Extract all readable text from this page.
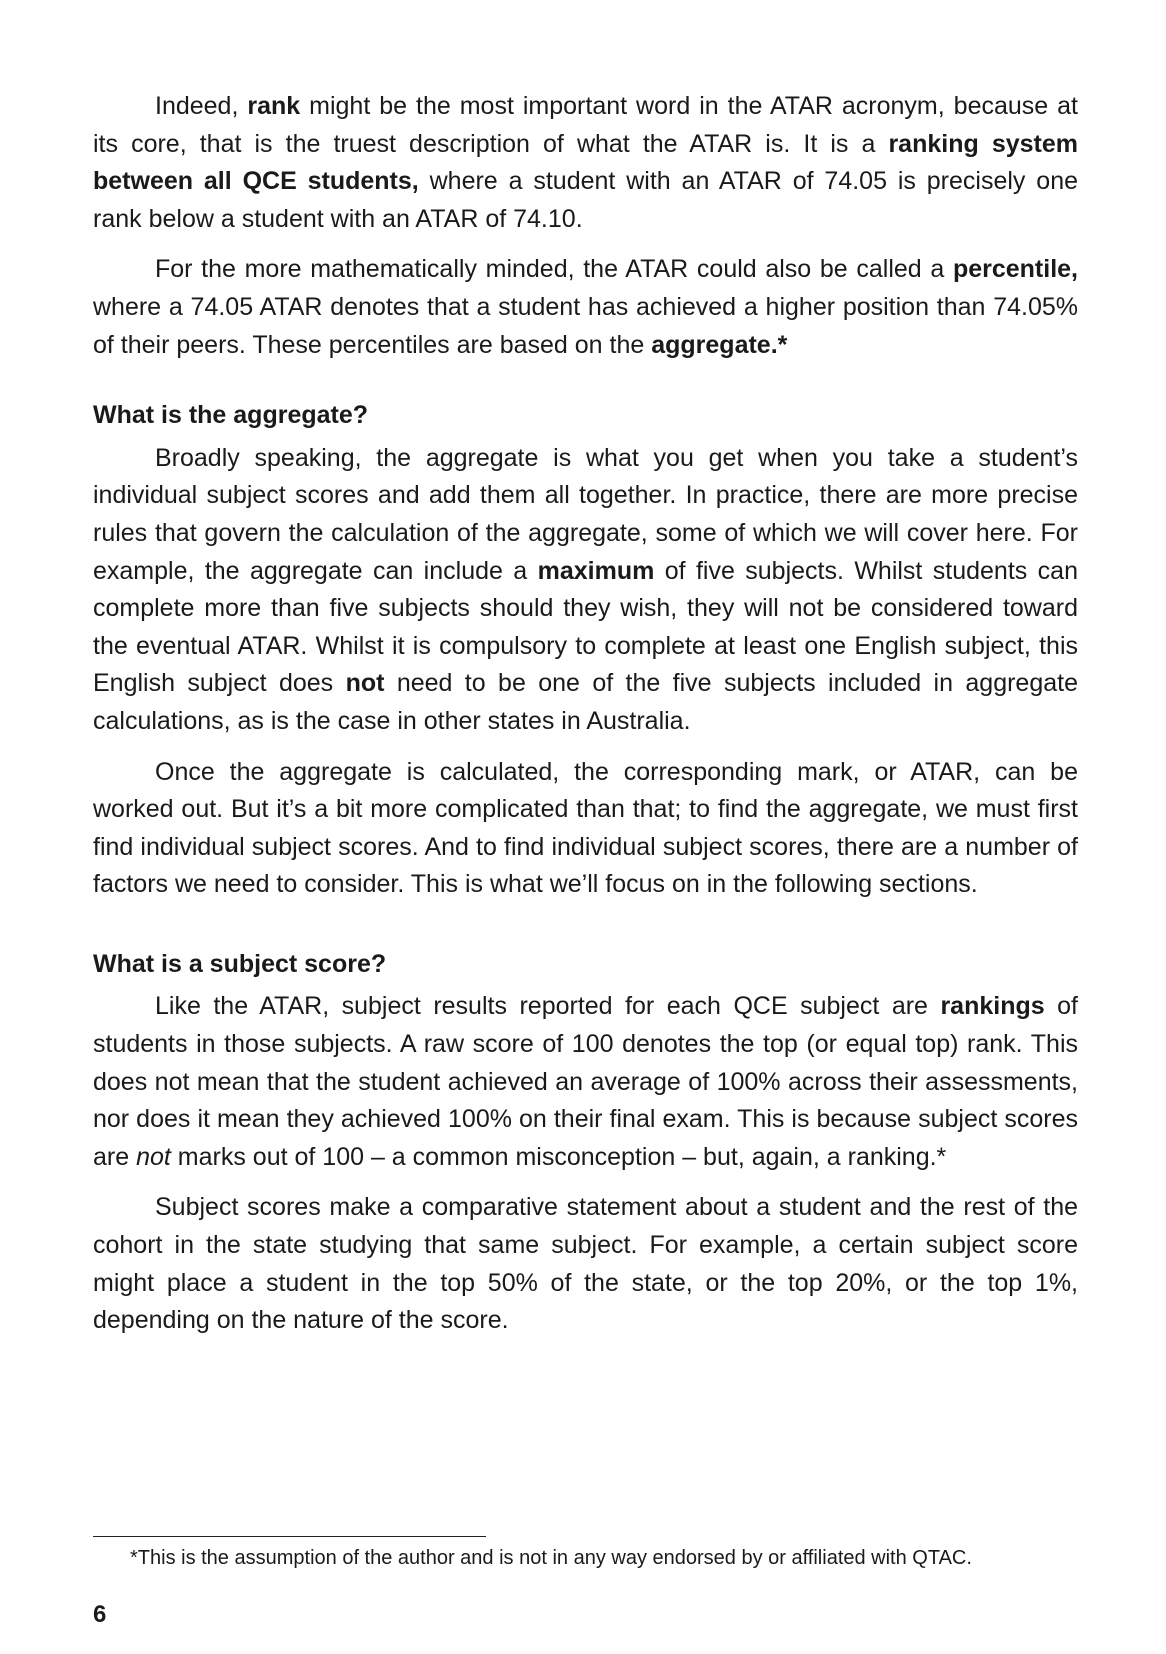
Indeed, rank might be the most important word in the ATAR acronym, because at its core, that is the truest description of what the ATAR is. It is a ranking system between all QCE students, where a student with an ATAR of 74.05 is precisely one rank below a student with an ATAR of 74.10.

For the more mathematically minded, the ATAR could also be called a percentile, where a 74.05 ATAR denotes that a student has achieved a higher position than 74.05% of their peers. These percentiles are based on the aggregate.*

What is the aggregate?

Broadly speaking, the aggregate is what you get when you take a student’s individual subject scores and add them all together. In practice, there are more precise rules that govern the calculation of the aggregate, some of which we will cover here. For example, the aggregate can include a maximum of five subjects. Whilst students can complete more than five subjects should they wish, they will not be considered toward the eventual ATAR. Whilst it is compulsory to complete at least one English subject, this English subject does not need to be one of the five subjects included in aggregate calculations, as is the case in other states in Australia.

Once the aggregate is calculated, the corresponding mark, or ATAR, can be worked out. But it’s a bit more complicated than that; to find the aggregate, we must first find individual subject scores. And to find individual subject scores, there are a number of factors we need to consider. This is what we’ll focus on in the following sections.

What is a subject score?

Like the ATAR, subject results reported for each QCE subject are rankings of students in those subjects. A raw score of 100 denotes the top (or equal top) rank. This does not mean that the student achieved an average of 100% across their assessments, nor does it mean they achieved 100% on their final exam. This is because subject scores are not marks out of 100 – a common misconception – but, again, a ranking.*

Subject scores make a comparative statement about a student and the rest of the cohort in the state studying that same subject. For example, a certain subject score might place a student in the top 50% of the state, or the top 20%, or the top 1%, depending on the nature of the score.

*This is the assumption of the author and is not in any way endorsed by or affiliated with QTAC.
6
